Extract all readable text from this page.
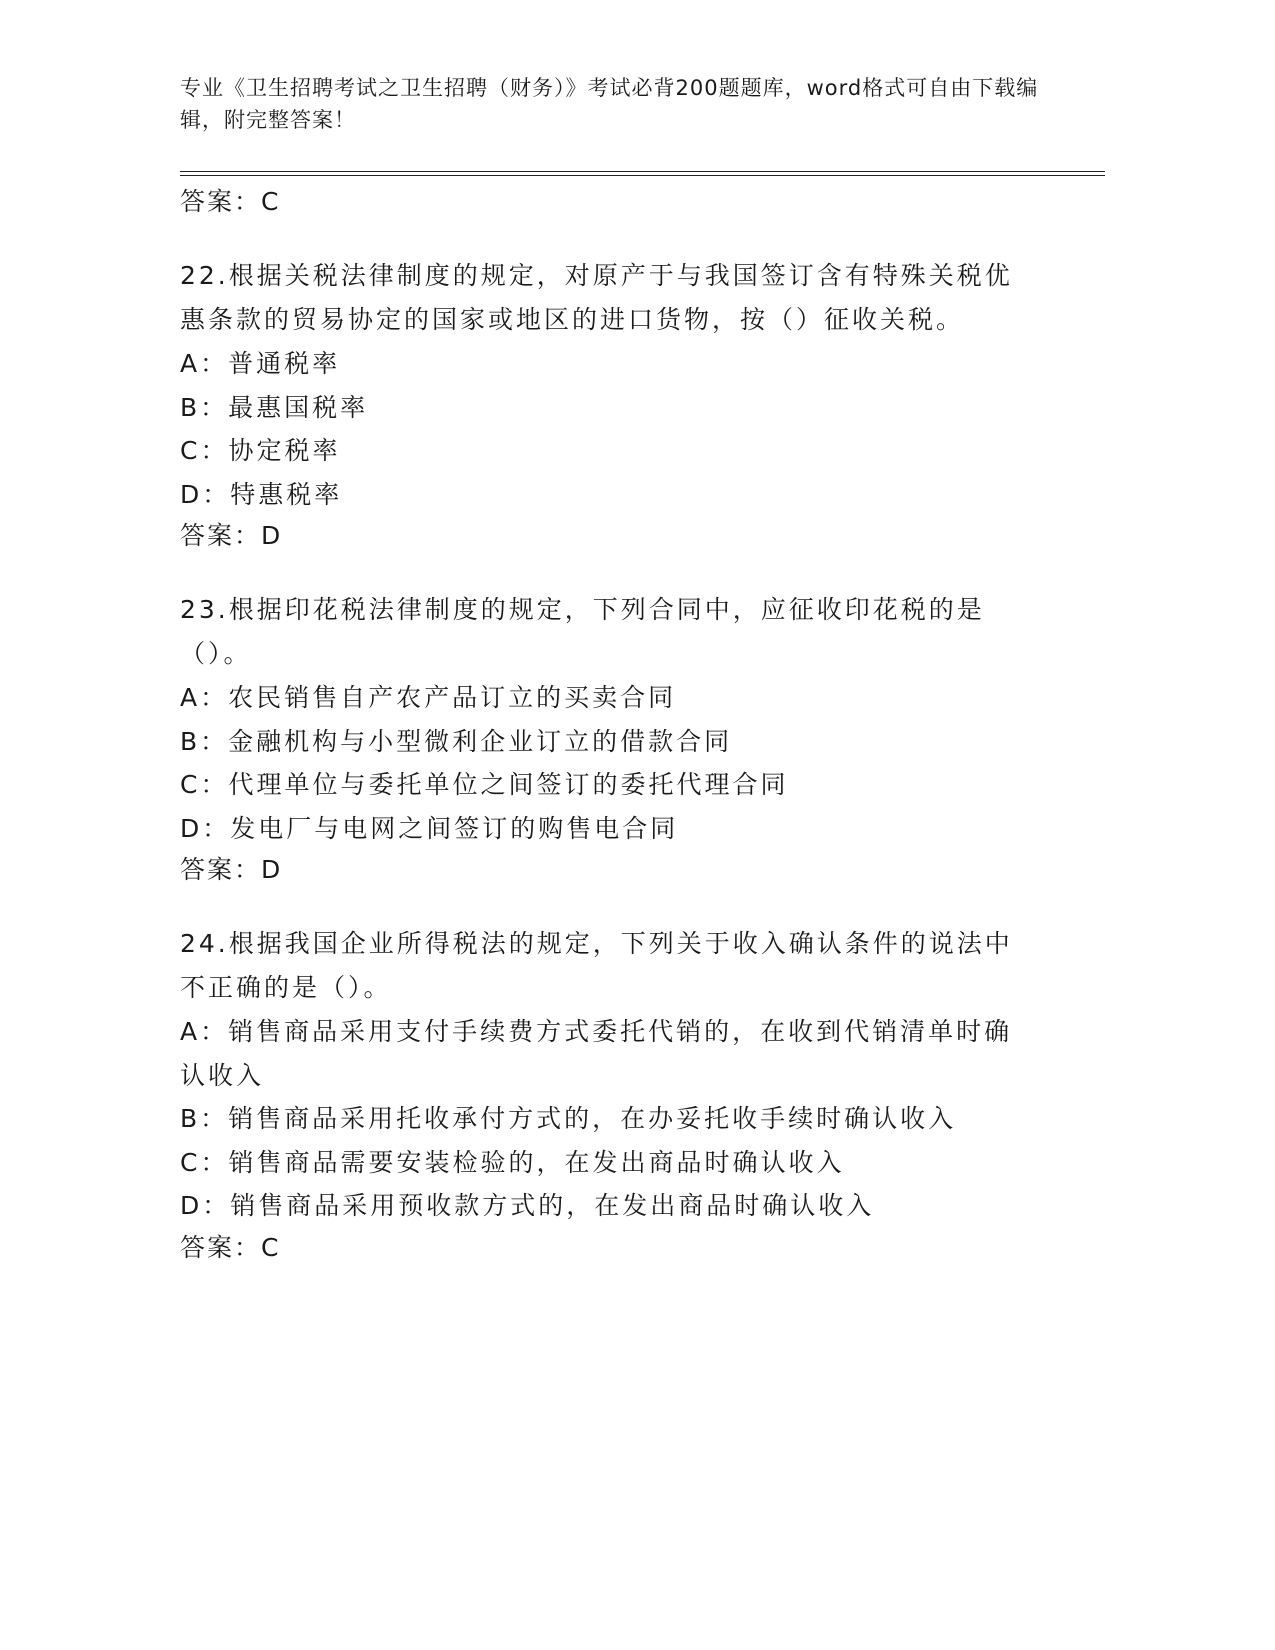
专业《卫生招聘考试之卫生招聘（财务）》考试必背200题题库，word格式可自由下载编辑，附完整答案！

答案：C

22.根据关税法律制度的规定，对原产于与我国签订含有特殊关税优惠条款的贸易协定的国家或地区的进口货物，按（）征收关税。

A：普通税率

B：最惠国税率

C：协定税率

D：特惠税率

答案：D

23.根据印花税法律制度的规定，下列合同中，应征收印花税的是（）。

A：农民销售自产农产品订立的买卖合同

B：金融机构与小型微利企业订立的借款合同

C：代理单位与委托单位之间签订的委托代理合同

D：发电厂与电网之间签订的购售电合同

答案：D

24.根据我国企业所得税法的规定，下列关于收入确认条件的说法中不正确的是（）。

A：销售商品采用支付手续费方式委托代销的，在收到代销清单时确认收入

B：销售商品采用托收承付方式的，在办妥托收手续时确认收入

C：销售商品需要安装检验的，在发出商品时确认收入

D：销售商品采用预收款方式的，在发出商品时确认收入

答案：C
